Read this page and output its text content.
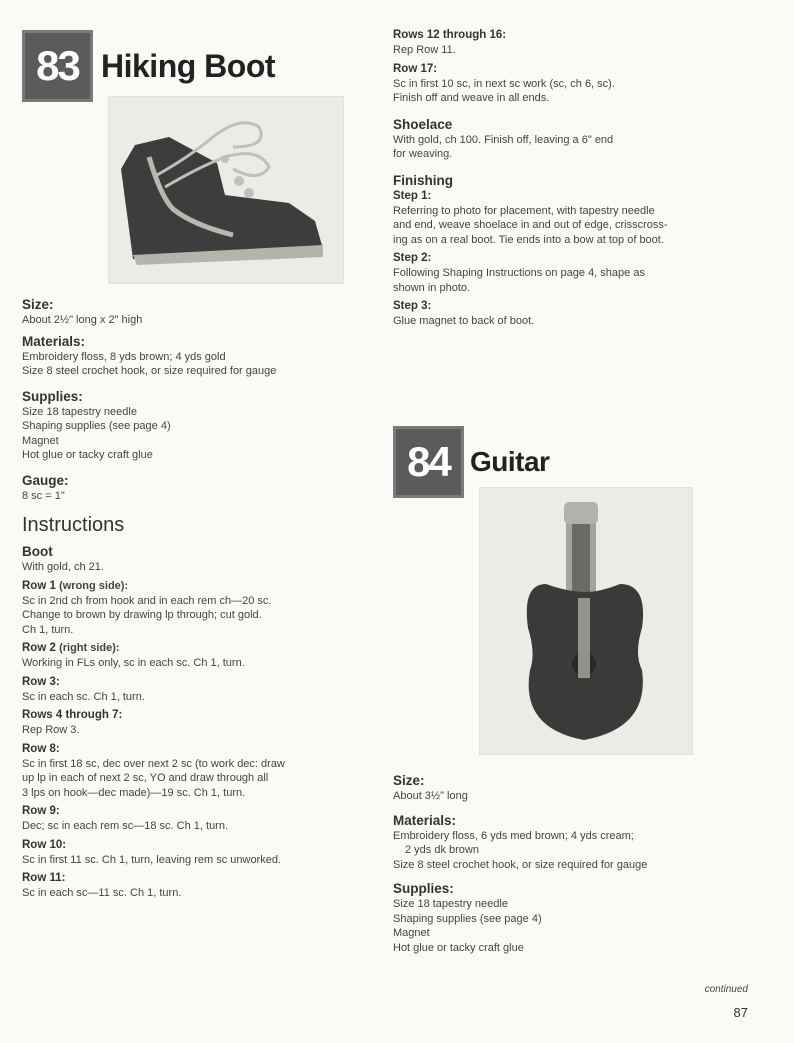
83 Hiking Boot

Size:

About 2½" long x 2" high

Materials:

Embroidery floss, 8 yds brown; 4 yds gold

Size 8 steel crochet hook, or size required for gauge

Supplies:

Size 18 tapestry needle

Shaping supplies (see page 4)

Magnet

Hot glue or tacky craft glue

Gauge:

8 sc = 1"

Instructions

Boot

With gold, ch 21.

Row 1 (wrong side):

Sc in 2nd ch from hook and in each rem ch—20 sc.

Change to brown by drawing lp through; cut gold.

Ch 1, turn.

Row 2 (right side):

Working in FLs only, sc in each sc. Ch 1, turn.

Row 3:

Sc in each sc. Ch 1, turn.

Rows 4 through 7:

Rep Row 3.

Row 8:

Sc in first 18 sc, dec over next 2 sc (to work dec: draw

up lp in each of next 2 sc, YO and draw through all

3 lps on hook—dec made)—19 sc. Ch 1, turn.

Row 9:

Dec; sc in each rem sc—18 sc. Ch 1, turn.

Row 10:

Sc in first 11 sc. Ch 1, turn, leaving rem sc unworked.

Row 11:

Sc in each sc—11 sc. Ch 1, turn.

Rows 12 through 16:

Rep Row 11.

Row 17:

Sc in first 10 sc, in next sc work (sc, ch 6, sc).

Finish off and weave in all ends.

Shoelace

With gold, ch 100. Finish off, leaving a 6" end

for weaving.

Finishing

Step 1:

Referring to photo for placement, with tapestry needle

and end, weave shoelace in and out of edge, crisscross-

ing as on a real boot. Tie ends into a bow at top of boot.

Step 2:

Following Shaping Instructions on page 4, shape as

shown in photo.

Step 3:

Glue magnet to back of boot.

84 Guitar

Size:

About 3½" long

Materials:

Embroidery floss, 6 yds med brown; 4 yds cream;

2 yds dk brown

Size 8 steel crochet hook, or size required for gauge

Supplies:

Size 18 tapestry needle

Shaping supplies (see page 4)

Magnet

Hot glue or tacky craft glue

continued
87
